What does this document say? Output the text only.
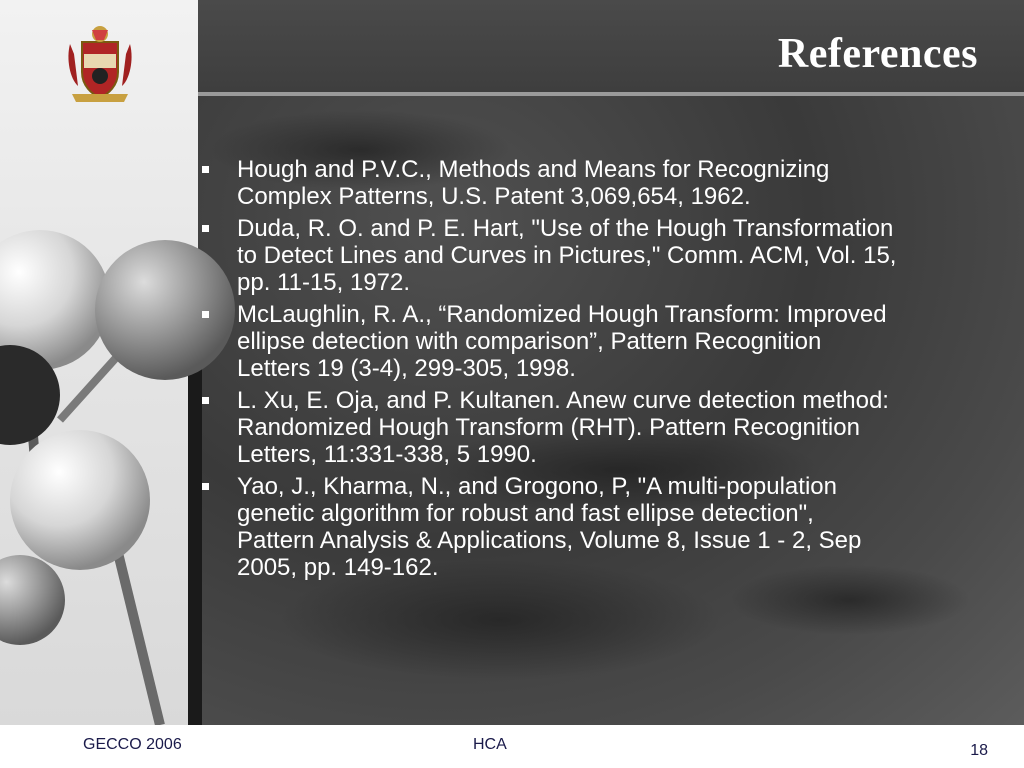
References
Hough and P.V.C., Methods and Means for Recognizing
Complex Patterns, U.S. Patent 3,069,654, 1962.
Duda, R. O. and P. E. Hart, "Use of the Hough Transformation
to Detect Lines and Curves in Pictures," Comm. ACM, Vol. 15,
pp. 11-15, 1972.
McLaughlin, R. A., “Randomized Hough Transform: Improved
ellipse detection with comparison”, Pattern Recognition
Letters 19 (3-4), 299-305, 1998.
L. Xu, E. Oja, and P. Kultanen. Anew curve detection method:
Randomized Hough Transform (RHT). Pattern Recognition
Letters, 11:331-338, 5 1990.
Yao, J., Kharma, N., and Grogono, P, "A multi-population
genetic algorithm for robust and fast ellipse detection",
Pattern Analysis & Applications, Volume 8, Issue 1 - 2, Sep
2005, pp. 149-162.
GECCO 2006	HCA	18
